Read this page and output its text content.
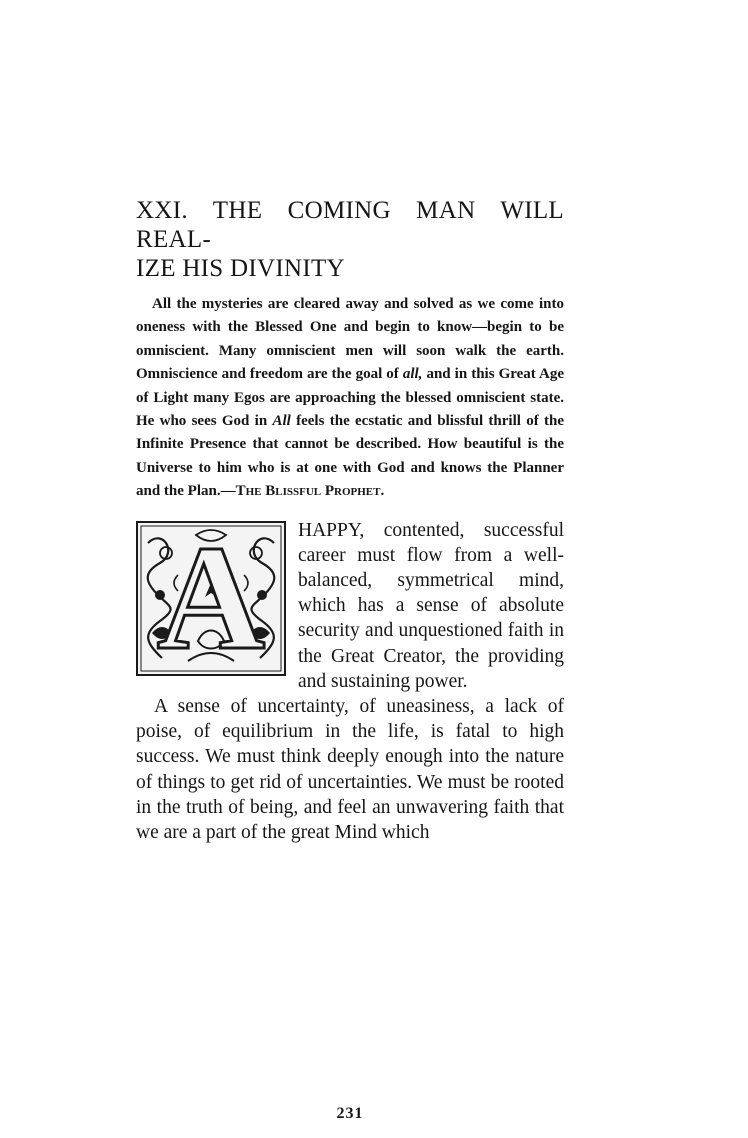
XXI. THE COMING MAN WILL REAL-
IZE HIS DIVINITY
All the mysteries are cleared away and solved as we come into oneness with the Blessed One and begin to know—begin to be omniscient. Many omniscient men will soon walk the earth. Omniscience and freedom are the goal of all, and in this Great Age of Light many Egos are approaching the blessed omniscient state. He who sees God in All feels the ecstatic and blissful thrill of the Infinite Presence that cannot be described. How beautiful is the Universe to him who is at one with God and knows the Planner and the Plan.—The Blissful Prophet.
A	HAPPY, contented, successful career must flow from a well-balanced, symmetrical mind, which has a sense of absolute security and unquestioned faith in the Great Creator, the providing and sustaining power.

A sense of uncertainty, of uneasiness, a lack of poise, of equilibrium in the life, is fatal to high success. We must think deeply enough into the nature of things to get rid of uncertainties. We must be rooted in the truth of being, and feel an unwavering faith that we are a part of the great Mind which

231
